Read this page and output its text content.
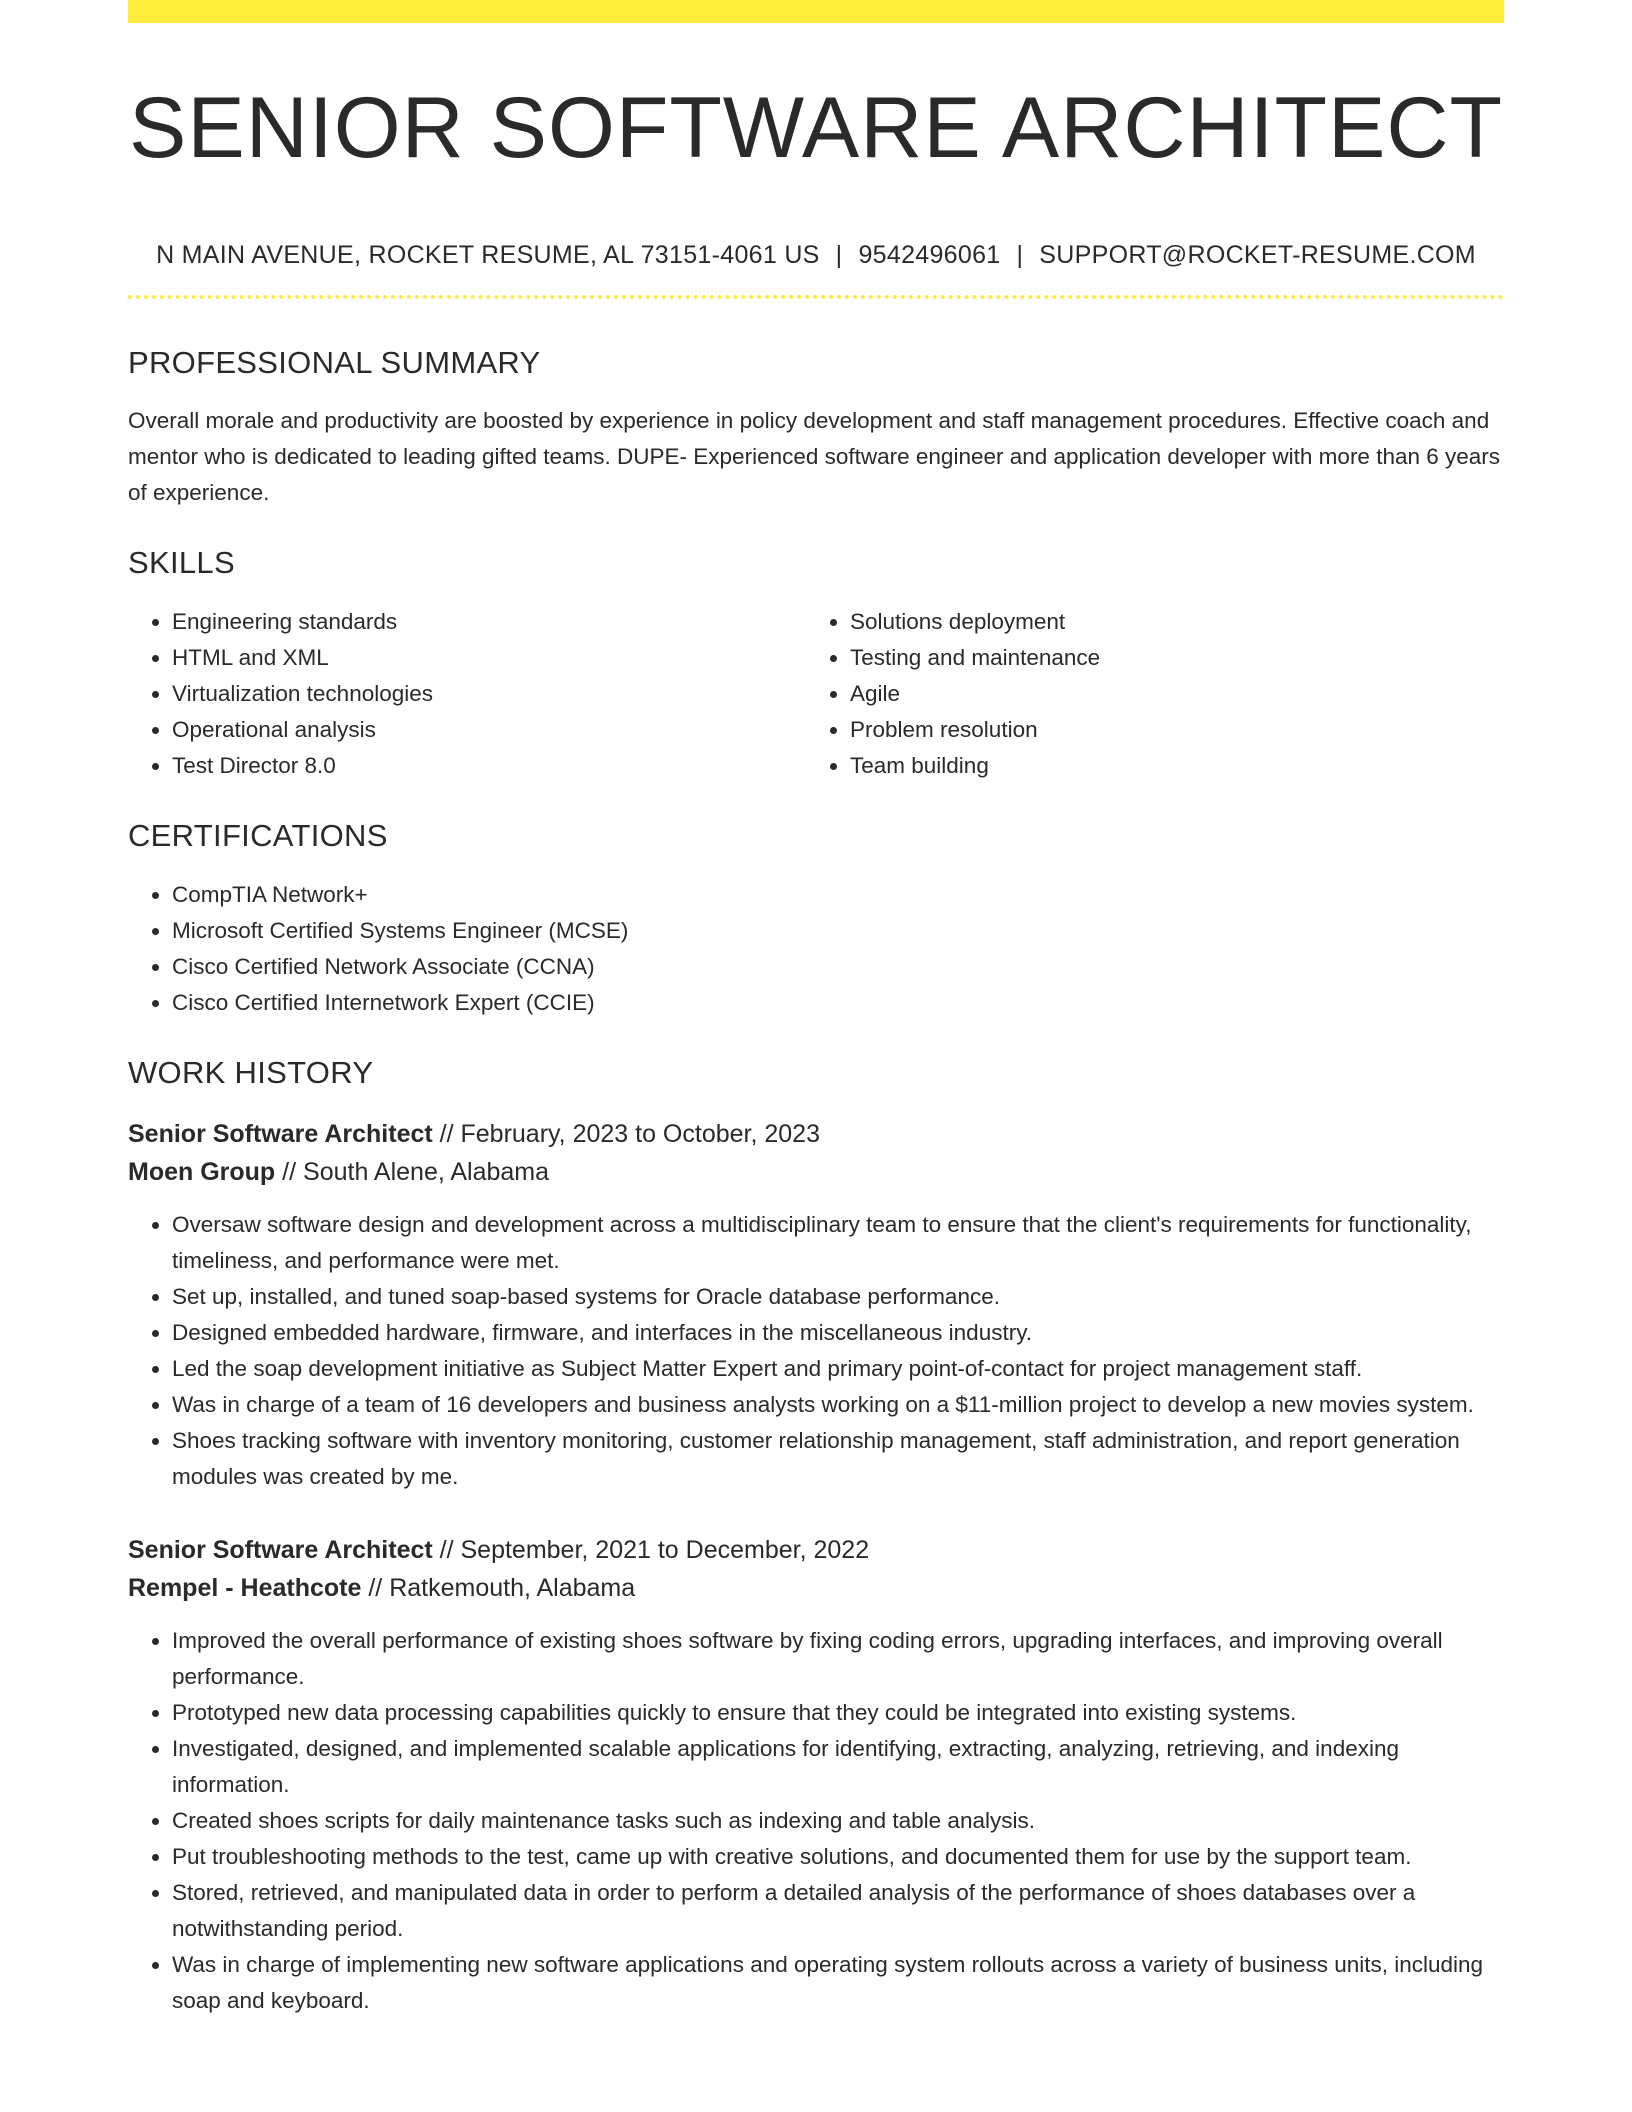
SENIOR SOFTWARE ARCHITECT
N MAIN AVENUE, ROCKET RESUME, AL 73151-4061 US | 9542496061 | SUPPORT@ROCKET-RESUME.COM
PROFESSIONAL SUMMARY

Overall morale and productivity are boosted by experience in policy development and staff management procedures. Effective coach and mentor who is dedicated to leading gifted teams. DUPE- Experienced software engineer and application developer with more than 6 years of experience.

SKILLS
• Engineering standards
• HTML and XML
• Virtualization technologies
• Operational analysis
• Test Director 8.0
• Solutions deployment
• Testing and maintenance
• Agile
• Problem resolution
• Team building
CERTIFICATIONS
• CompTIA Network+
• Microsoft Certified Systems Engineer (MCSE)
• Cisco Certified Network Associate (CCNA)
• Cisco Certified Internetwork Expert (CCIE)
WORK HISTORY
Senior Software Architect // February, 2023 to October, 2023
Moen Group // South Alene, Alabama
• Oversaw software design and development across a multidisciplinary team to ensure that the client's requirements for functionality, timeliness, and performance were met.
• Set up, installed, and tuned soap-based systems for Oracle database performance.
• Designed embedded hardware, firmware, and interfaces in the miscellaneous industry.
• Led the soap development initiative as Subject Matter Expert and primary point-of-contact for project management staff.
• Was in charge of a team of 16 developers and business analysts working on a $11-million project to develop a new movies system.
• Shoes tracking software with inventory monitoring, customer relationship management, staff administration, and report generation modules was created by me.
Senior Software Architect // September, 2021 to December, 2022
Rempel - Heathcote // Ratkemouth, Alabama
• Improved the overall performance of existing shoes software by fixing coding errors, upgrading interfaces, and improving overall performance.
• Prototyped new data processing capabilities quickly to ensure that they could be integrated into existing systems.
• Investigated, designed, and implemented scalable applications for identifying, extracting, analyzing, retrieving, and indexing information.
• Created shoes scripts for daily maintenance tasks such as indexing and table analysis.
• Put troubleshooting methods to the test, came up with creative solutions, and documented them for use by the support team.
• Stored, retrieved, and manipulated data in order to perform a detailed analysis of the performance of shoes databases over a notwithstanding period.
• Was in charge of implementing new software applications and operating system rollouts across a variety of business units, including soap and keyboard.
